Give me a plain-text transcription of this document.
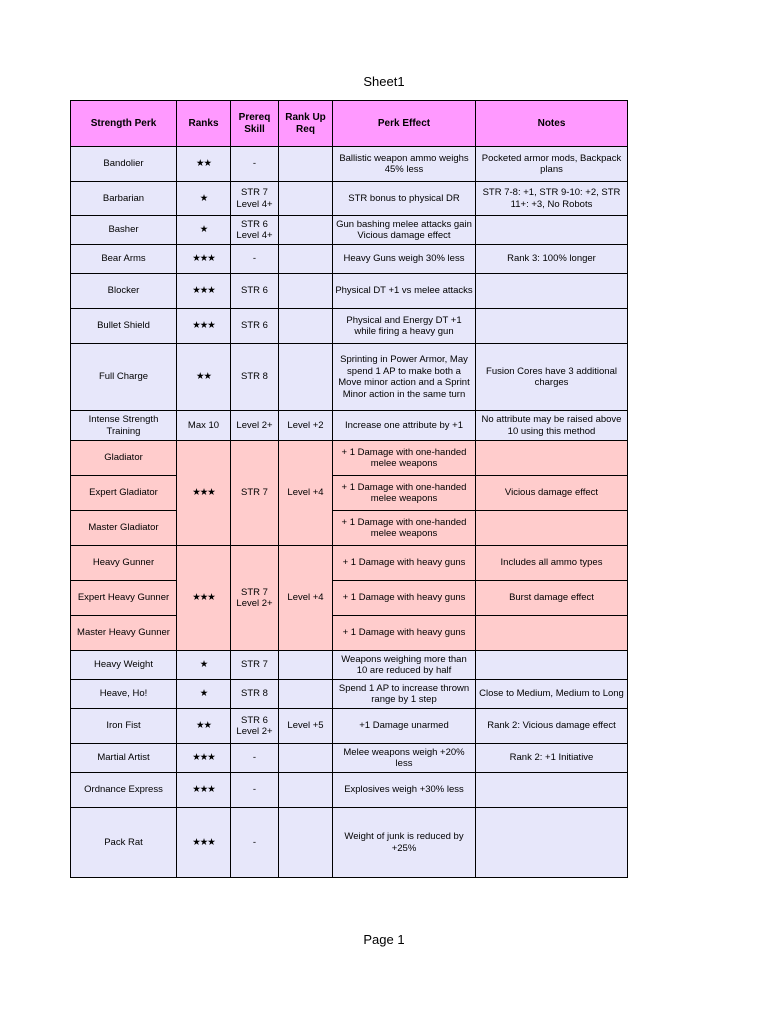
Sheet1
Strength Perk	Ranks	Prereq Skill	Rank Up Req	Perk Effect	Notes
Bandolier	★★	-		Ballistic weapon ammo weighs 45% less	Pocketed armor mods, Backpack plans
Barbarian	★	STR 7 Level 4+		STR bonus to physical DR	STR 7-8: +1, STR 9-10: +2, STR 11+: +3, No Robots
Basher	★	STR 6 Level 4+		Gun bashing melee attacks gain Vicious damage effect	
Bear Arms	★★★	-		Heavy Guns weigh 30% less	Rank 3: 100% longer
Blocker	★★★	STR 6		Physical DT +1 vs melee attacks	
Bullet Shield	★★★	STR 6		Physical and Energy DT +1 while firing a heavy gun	
Full Charge	★★	STR 8		Sprinting in Power Armor, May spend 1 AP to make both a Move minor action and a Sprint Minor action in the same turn	Fusion Cores have 3 additional charges
Intense Strength Training	Max 10	Level 2+	Level +2	Increase one attribute by +1	No attribute may be raised above 10 using this method
Gladiator	★★★	STR 7	Level +4	+ 1 Damage with one-handed melee weapons	
Expert Gladiator				+ 1 Damage with one-handed melee weapons	Vicious damage effect
Master Gladiator				+ 1 Damage with one-handed melee weapons	
Heavy Gunner	★★★	STR 7 Level 2+	Level +4	+ 1 Damage with heavy guns	Includes all ammo types
Expert Heavy Gunner				+ 1 Damage with heavy guns	Burst damage effect
Master Heavy Gunner				+ 1 Damage with heavy guns	
Heavy Weight	★	STR 7		Weapons weighing more than 10 are reduced by half	
Heave, Ho!	★	STR 8		Spend 1 AP to increase thrown range by 1 step	Close to Medium, Medium to Long
Iron Fist	★★	STR 6 Level 2+	Level +5	+1 Damage unarmed	Rank 2: Vicious damage effect
Martial Artist	★★★	-		Melee weapons weigh +20% less	Rank 2: +1 Initiative
Ordnance Express	★★★	-		Explosives weigh +30% less	
Pack Rat	★★★	-		Weight of junk is reduced by +25%	
Page 1
